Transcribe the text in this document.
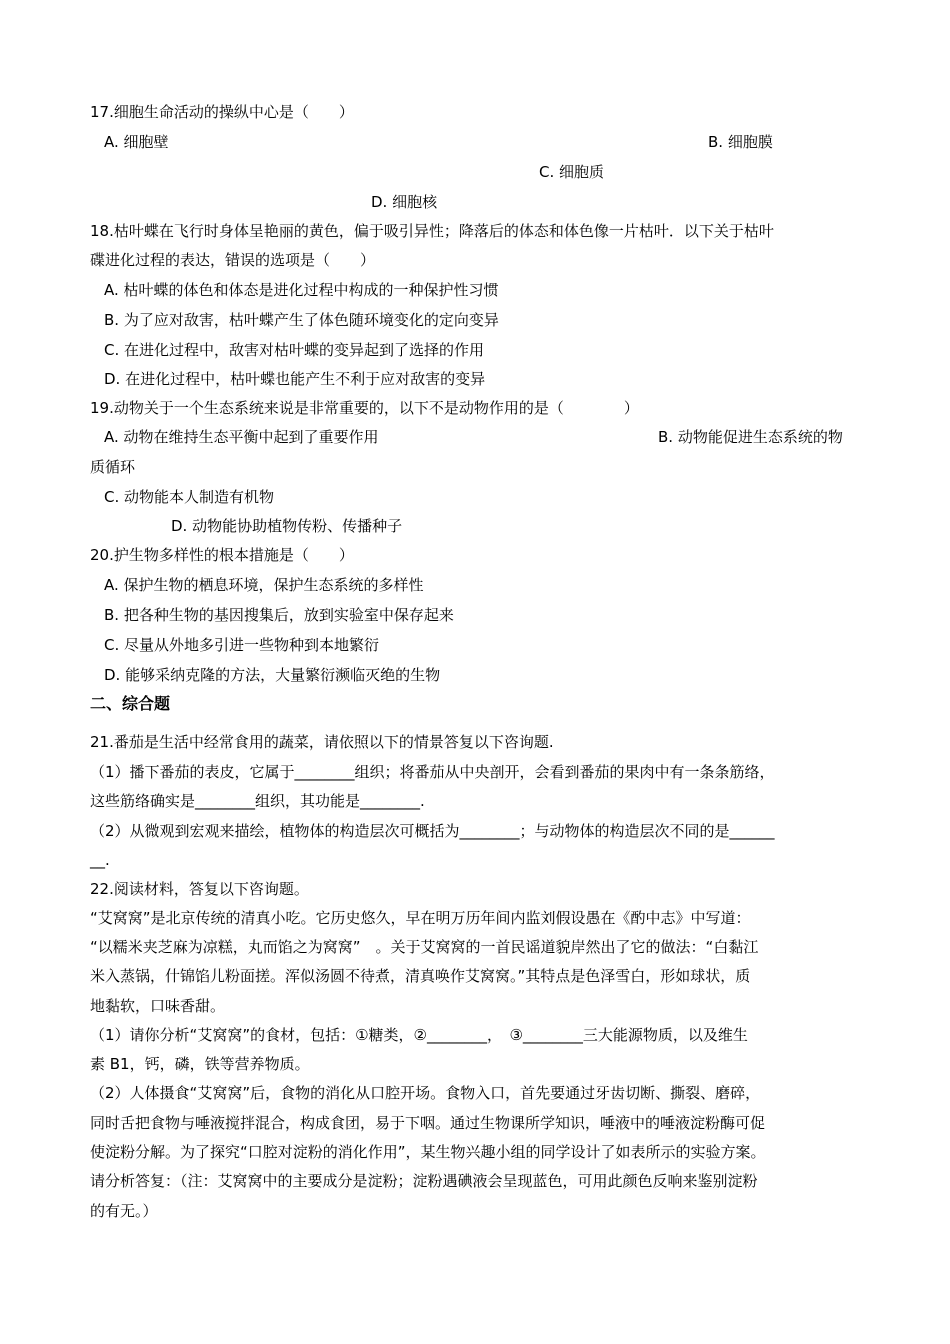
17.细胞生命活动的操纵中心是（　　）
A. 细胞壁	B. 细胞膜
C. 细胞质
D. 细胞核
18.枯叶蝶在飞行时身体呈艳丽的黄色，偏于吸引异性；降落后的体态和体色像一片枯叶．以下关于枯叶
碟进化过程的表达，错误的选项是（　　）
A. 枯叶蝶的体色和体态是进化过程中构成的一种保护性习惯
B. 为了应对敌害，枯叶蝶产生了体色随环境变化的定向变异
C. 在进化过程中，敌害对枯叶蝶的变异起到了选择的作用
D. 在进化过程中，枯叶蝶也能产生不利于应对敌害的变异
19.动物关于一个生态系统来说是非常重要的，以下不是动物作用的是（　　　　）
A. 动物在维持生态平衡中起到了重要作用	B. 动物能促进生态系统的物
质循环
C. 动物能本人制造有机物
D. 动物能协助植物传粉、传播种子
20.护生物多样性的根本措施是（　　）
A. 保护生物的栖息环境，保护生态系统的多样性
B. 把各种生物的基因搜集后，放到实验室中保存起来
C. 尽量从外地多引进一些物种到本地繁衍
D. 能够采纳克隆的方法，大量繁衍濒临灭绝的生物
二、综合题
21.番茄是生活中经常食用的蔬菜，请依照以下的情景答复以下咨询题.
（1）播下番茄的表皮，它属于________组织；将番茄从中央剖开，会看到番茄的果肉中有一条条筋络，
这些筋络确实是________组织，其功能是________.
（2）从微观到宏观来描绘，植物体的构造层次可概括为________；与动物体的构造层次不同的是______
__.
22.阅读材料，答复以下咨询题。
“艾窝窝”是北京传统的清真小吃。它历史悠久，早在明万历年间内监刘假设愚在《酌中志》中写道：
“以糯米夹芝麻为凉糕，丸而馅之为窝窝”　。关于艾窝窝的一首民谣道貌岸然出了它的做法：“白黏江
米入蒸锅，什锦馅儿粉面搓。浑似汤圆不待煮，清真唤作艾窝窝。”其特点是色泽雪白，形如球状，质
地黏软，口味香甜。
（1）请你分析“艾窝窝”的食材，包括：①糖类，②________，　③________三大能源物质，以及维生
素 B1，钙，磷，铁等营养物质。
（2）人体摄食“艾窝窝”后，食物的消化从口腔开场。食物入口，首先要通过牙齿切断、撕裂、磨碎，
同时舌把食物与唾液搅拌混合，构成食团，易于下咽。通过生物课所学知识，唾液中的唾液淀粉酶可促
使淀粉分解。为了探究“口腔对淀粉的消化作用”，某生物兴趣小组的同学设计了如表所示的实验方案。
请分析答复：（注：艾窝窝中的主要成分是淀粉；淀粉遇碘液会呈现蓝色，可用此颜色反响来鉴别淀粉
的有无。）
